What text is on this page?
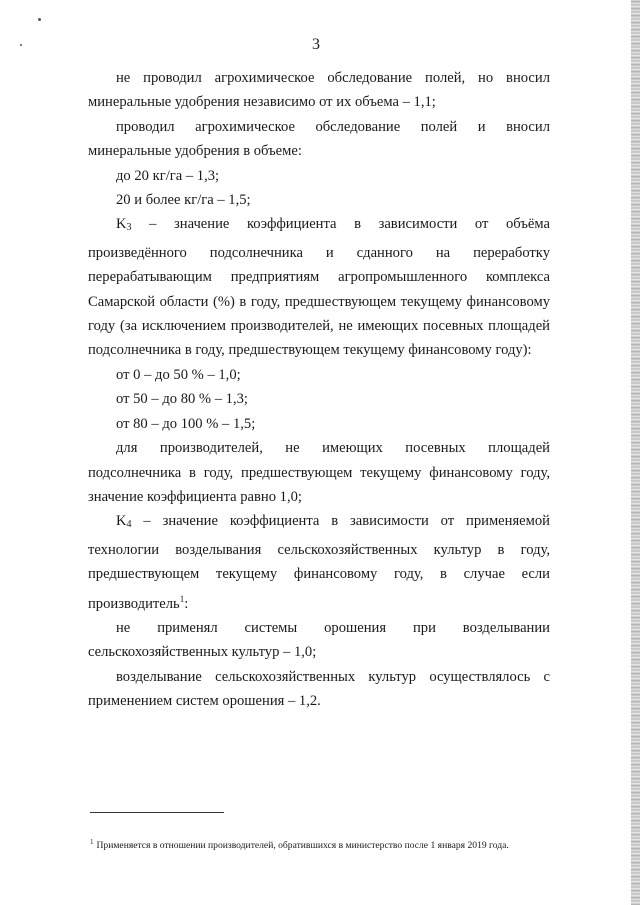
3

не проводил агрохимическое обследование полей, но вносил минеральные удобрения независимо от их объема – 1,1;

проводил агрохимическое обследование полей и вносил минеральные удобрения в объеме:

до 20 кг/га – 1,3;

20 и более кг/га – 1,5;

$K_3$ – значение коэффициента в зависимости от объёма произведённого подсолнечника и сданного на переработку перерабатывающим предприятиям агропромышленного комплекса Самарской области (%) в году, предшествующем текущему финансовому году (за исключением производителей, не имеющих посевных площадей подсолнечника в году, предшествующем текущему финансовому году):

от 0 – до 50 % – 1,0;

от 50 – до 80 % – 1,3;

от 80 – до 100 % – 1,5;

для производителей, не имеющих посевных площадей подсолнечника в году, предшествующем текущему финансовому году, значение коэффициента равно 1,0;

$K_4$ – значение коэффициента в зависимости от применяемой технологии возделывания сельскохозяйственных культур в году, предшествующем текущему финансовому году, в случае если производитель$^1$:

не применял системы орошения при возделывании сельскохозяйственных культур – 1,0;

возделывание сельскохозяйственных культур осуществлялось с применением систем орошения – 1,2.

$^1$ Применяется в отношении производителей, обратившихся в министерство после 1 января 2019 года.
